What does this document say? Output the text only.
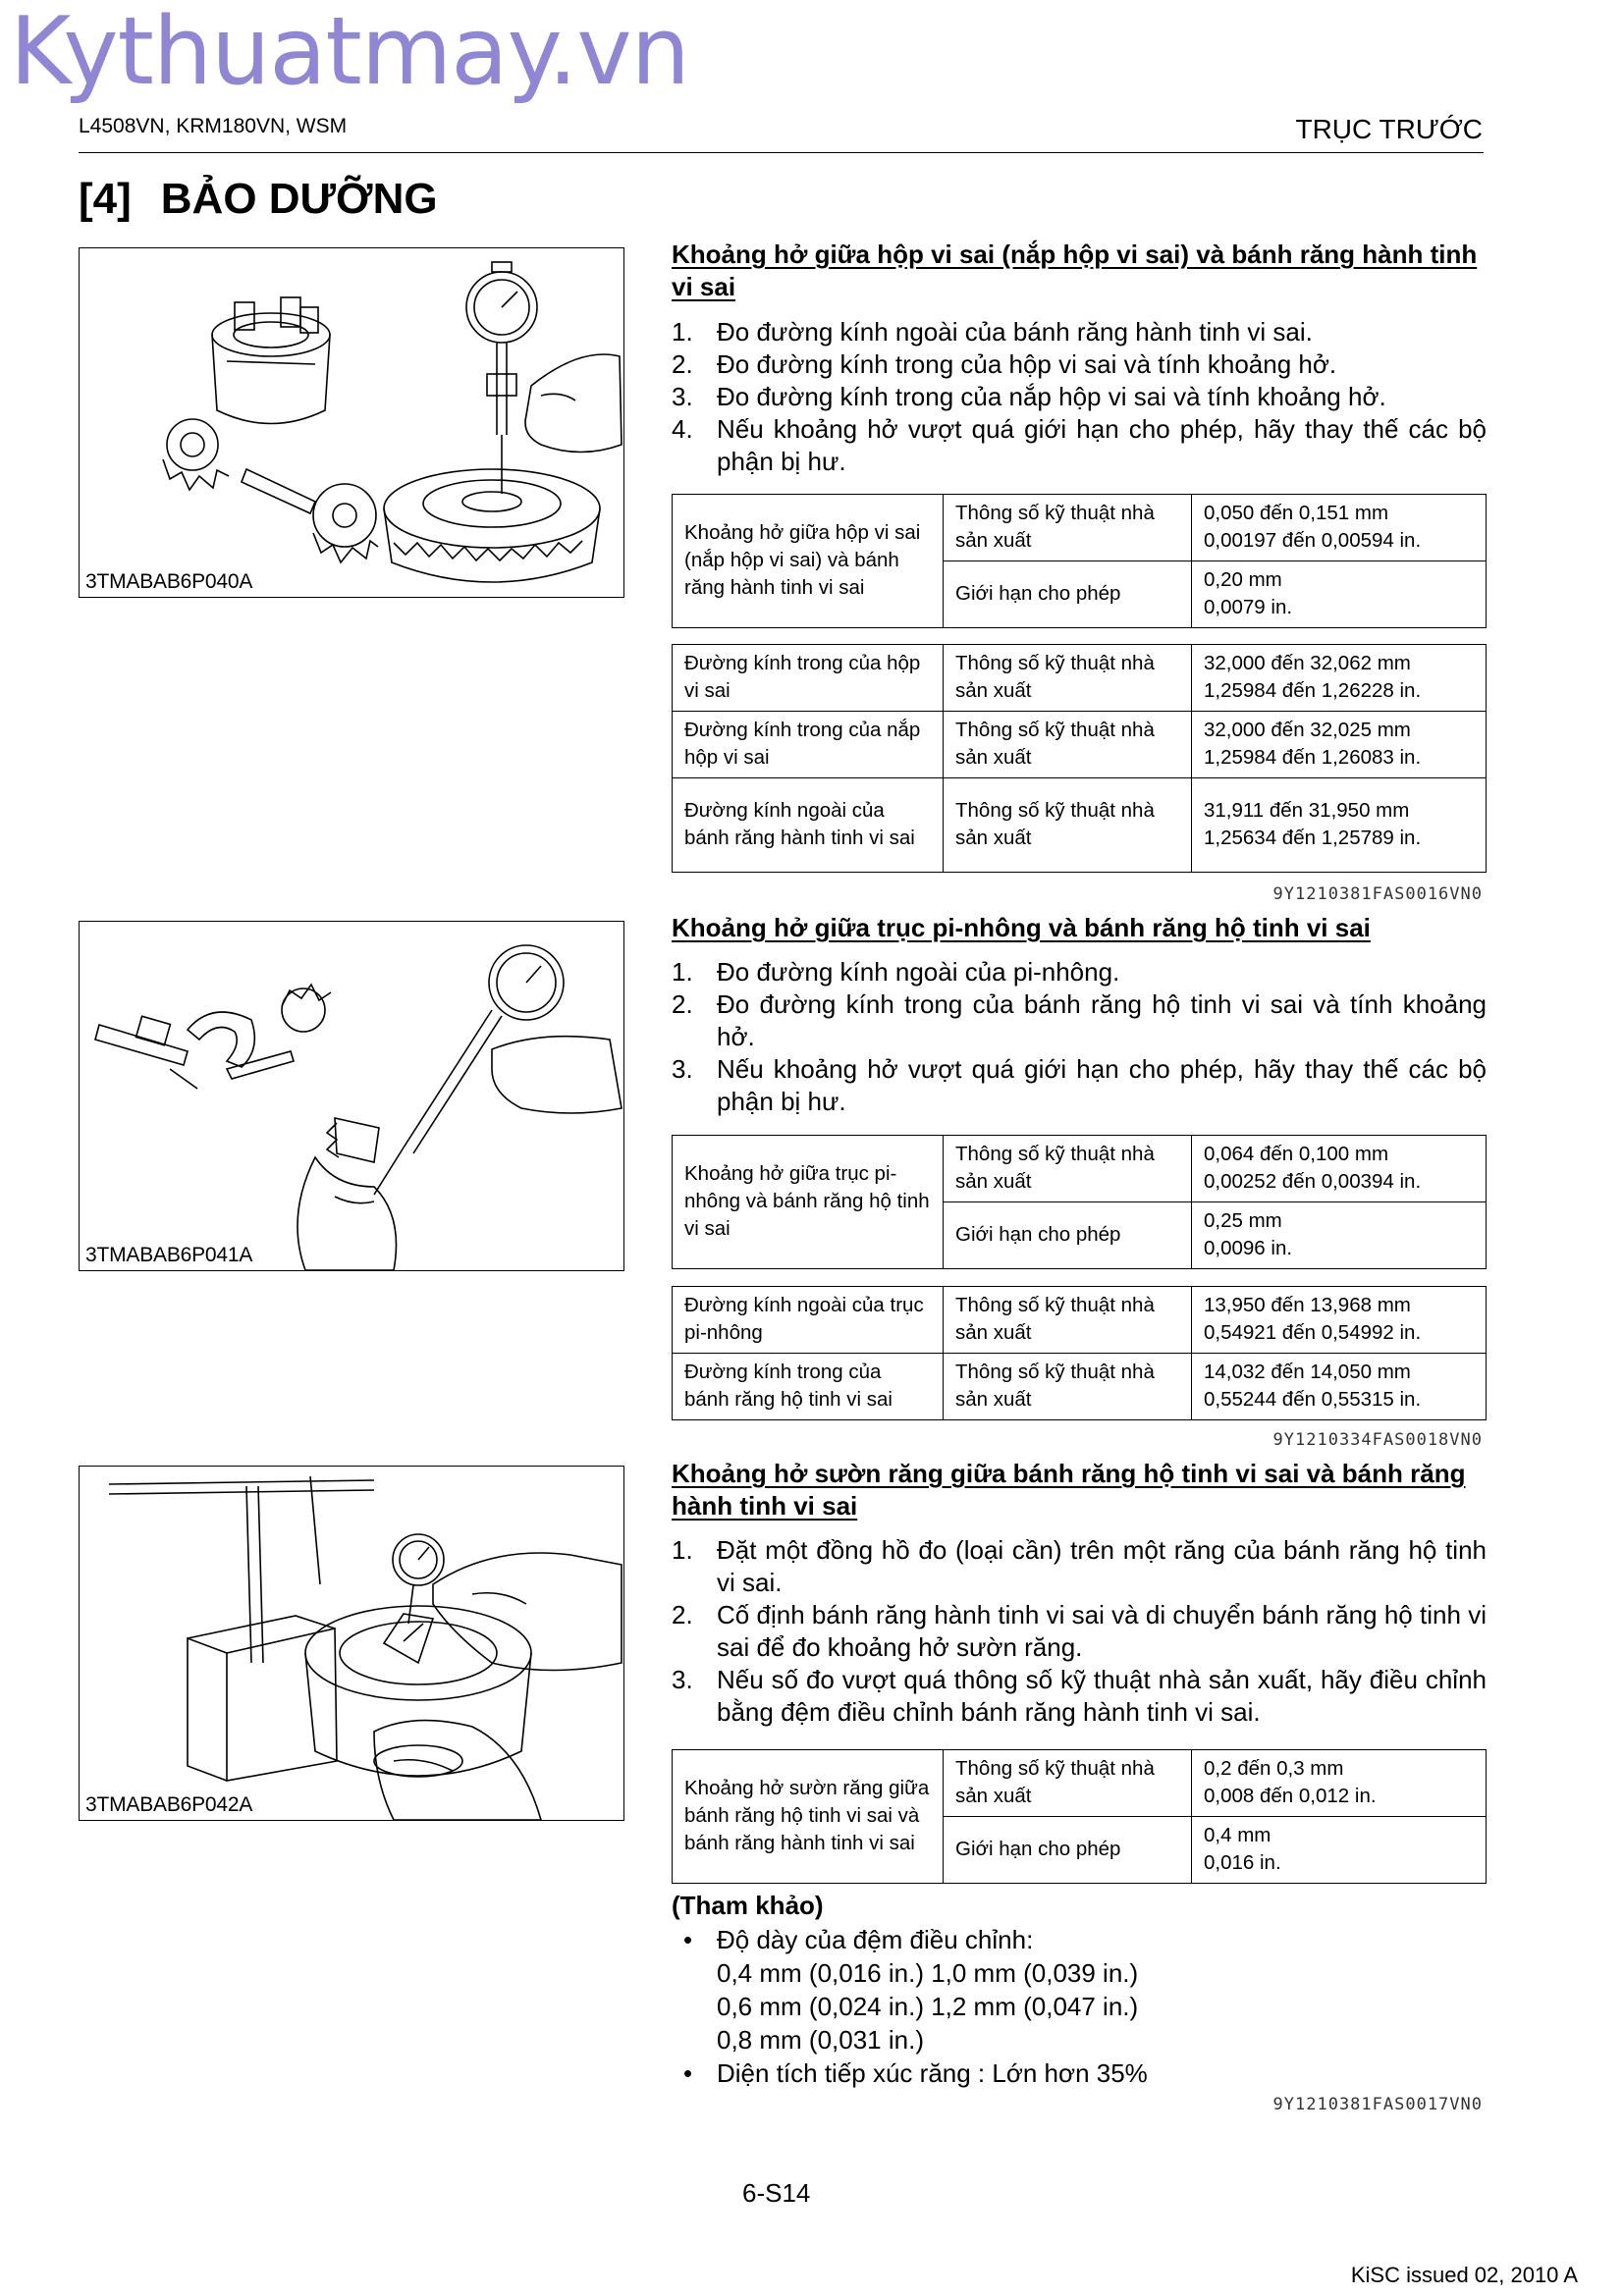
Kythuatmay.vn
L4508VN, KRM180VN, WSM	TRỤC TRƯỚC
[4] BẢO DƯỠNG
3TMABAB6P040A
Khoảng hở giữa hộp vi sai (nắp hộp vi sai) và bánh răng hành tinh vi sai
1. Đo đường kính ngoài của bánh răng hành tinh vi sai.
2. Đo đường kính trong của hộp vi sai và tính khoảng hở.
3. Đo đường kính trong của nắp hộp vi sai và tính khoảng hở.
4. Nếu khoảng hở vượt quá giới hạn cho phép, hãy thay thế các bộ phận bị hư.
Khoảng hở giữa hộp vi sai (nắp hộp vi sai) và bánh răng hành tinh vi sai	Thông số kỹ thuật nhà sản xuất	0,050 đến 0,151 mm
0,00197 đến 0,00594 in.

	Giới hạn cho phép	0,20 mm
0,0079 in.
Đường kính trong của hộp vi sai	Thông số kỹ thuật nhà sản xuất	32,000 đến 32,062 mm
1,25984 đến 1,26228 in.

Đường kính trong của nắp hộp vi sai	Thông số kỹ thuật nhà sản xuất	32,000 đến 32,025 mm
1,25984 đến 1,26083 in.

Đường kính ngoài của bánh răng hành tinh vi sai	Thông số kỹ thuật nhà sản xuất	31,911 đến 31,950 mm
1,25634 đến 1,25789 in.
9Y1210381FAS0016VN0
3TMABAB6P041A
Khoảng hở giữa trục pi-nhông và bánh răng hộ tinh vi sai
1. Đo đường kính ngoài của pi-nhông.
2. Đo đường kính trong của bánh răng hộ tinh vi sai và tính khoảng hở.
3. Nếu khoảng hở vượt quá giới hạn cho phép, hãy thay thế các bộ phận bị hư.
Khoảng hở giữa trục pi-nhông và bánh răng hộ tinh vi sai	Thông số kỹ thuật nhà sản xuất	0,064 đến 0,100 mm
0,00252 đến 0,00394 in.

	Giới hạn cho phép	0,25 mm
0,0096 in.
Đường kính ngoài của trục pi-nhông	Thông số kỹ thuật nhà sản xuất	13,950 đến 13,968 mm
0,54921 đến 0,54992 in.

Đường kính trong của bánh răng hộ tinh vi sai	Thông số kỹ thuật nhà sản xuất	14,032 đến 14,050 mm
0,55244 đến 0,55315 in.
9Y1210334FAS0018VN0
3TMABAB6P042A
Khoảng hở sườn răng giữa bánh răng hộ tinh vi sai và bánh răng hành tinh vi sai
1. Đặt một đồng hồ đo (loại cần) trên một răng của bánh răng hộ tinh vi sai.
2. Cố định bánh răng hành tinh vi sai và di chuyển bánh răng hộ tinh vi sai để đo khoảng hở sườn răng.
3. Nếu số đo vượt quá thông số kỹ thuật nhà sản xuất, hãy điều chỉnh bằng đệm điều chỉnh bánh răng hành tinh vi sai.
Khoảng hở sườn răng giữa bánh răng hộ tinh vi sai và bánh răng hành tinh vi sai	Thông số kỹ thuật nhà sản xuất	0,2 đến 0,3 mm
0,008 đến 0,012 in.

	Giới hạn cho phép	0,4 mm
0,016 in.
(Tham khảo)
• Độ dày của đệm điều chỉnh:
0,4 mm (0,016 in.) 1,0 mm (0,039 in.)
0,6 mm (0,024 in.) 1,2 mm (0,047 in.)
0,8 mm (0,031 in.)
• Diện tích tiếp xúc răng : Lớn hơn 35%
9Y1210381FAS0017VN0
6-S14
KiSC issued 02, 2010 A
